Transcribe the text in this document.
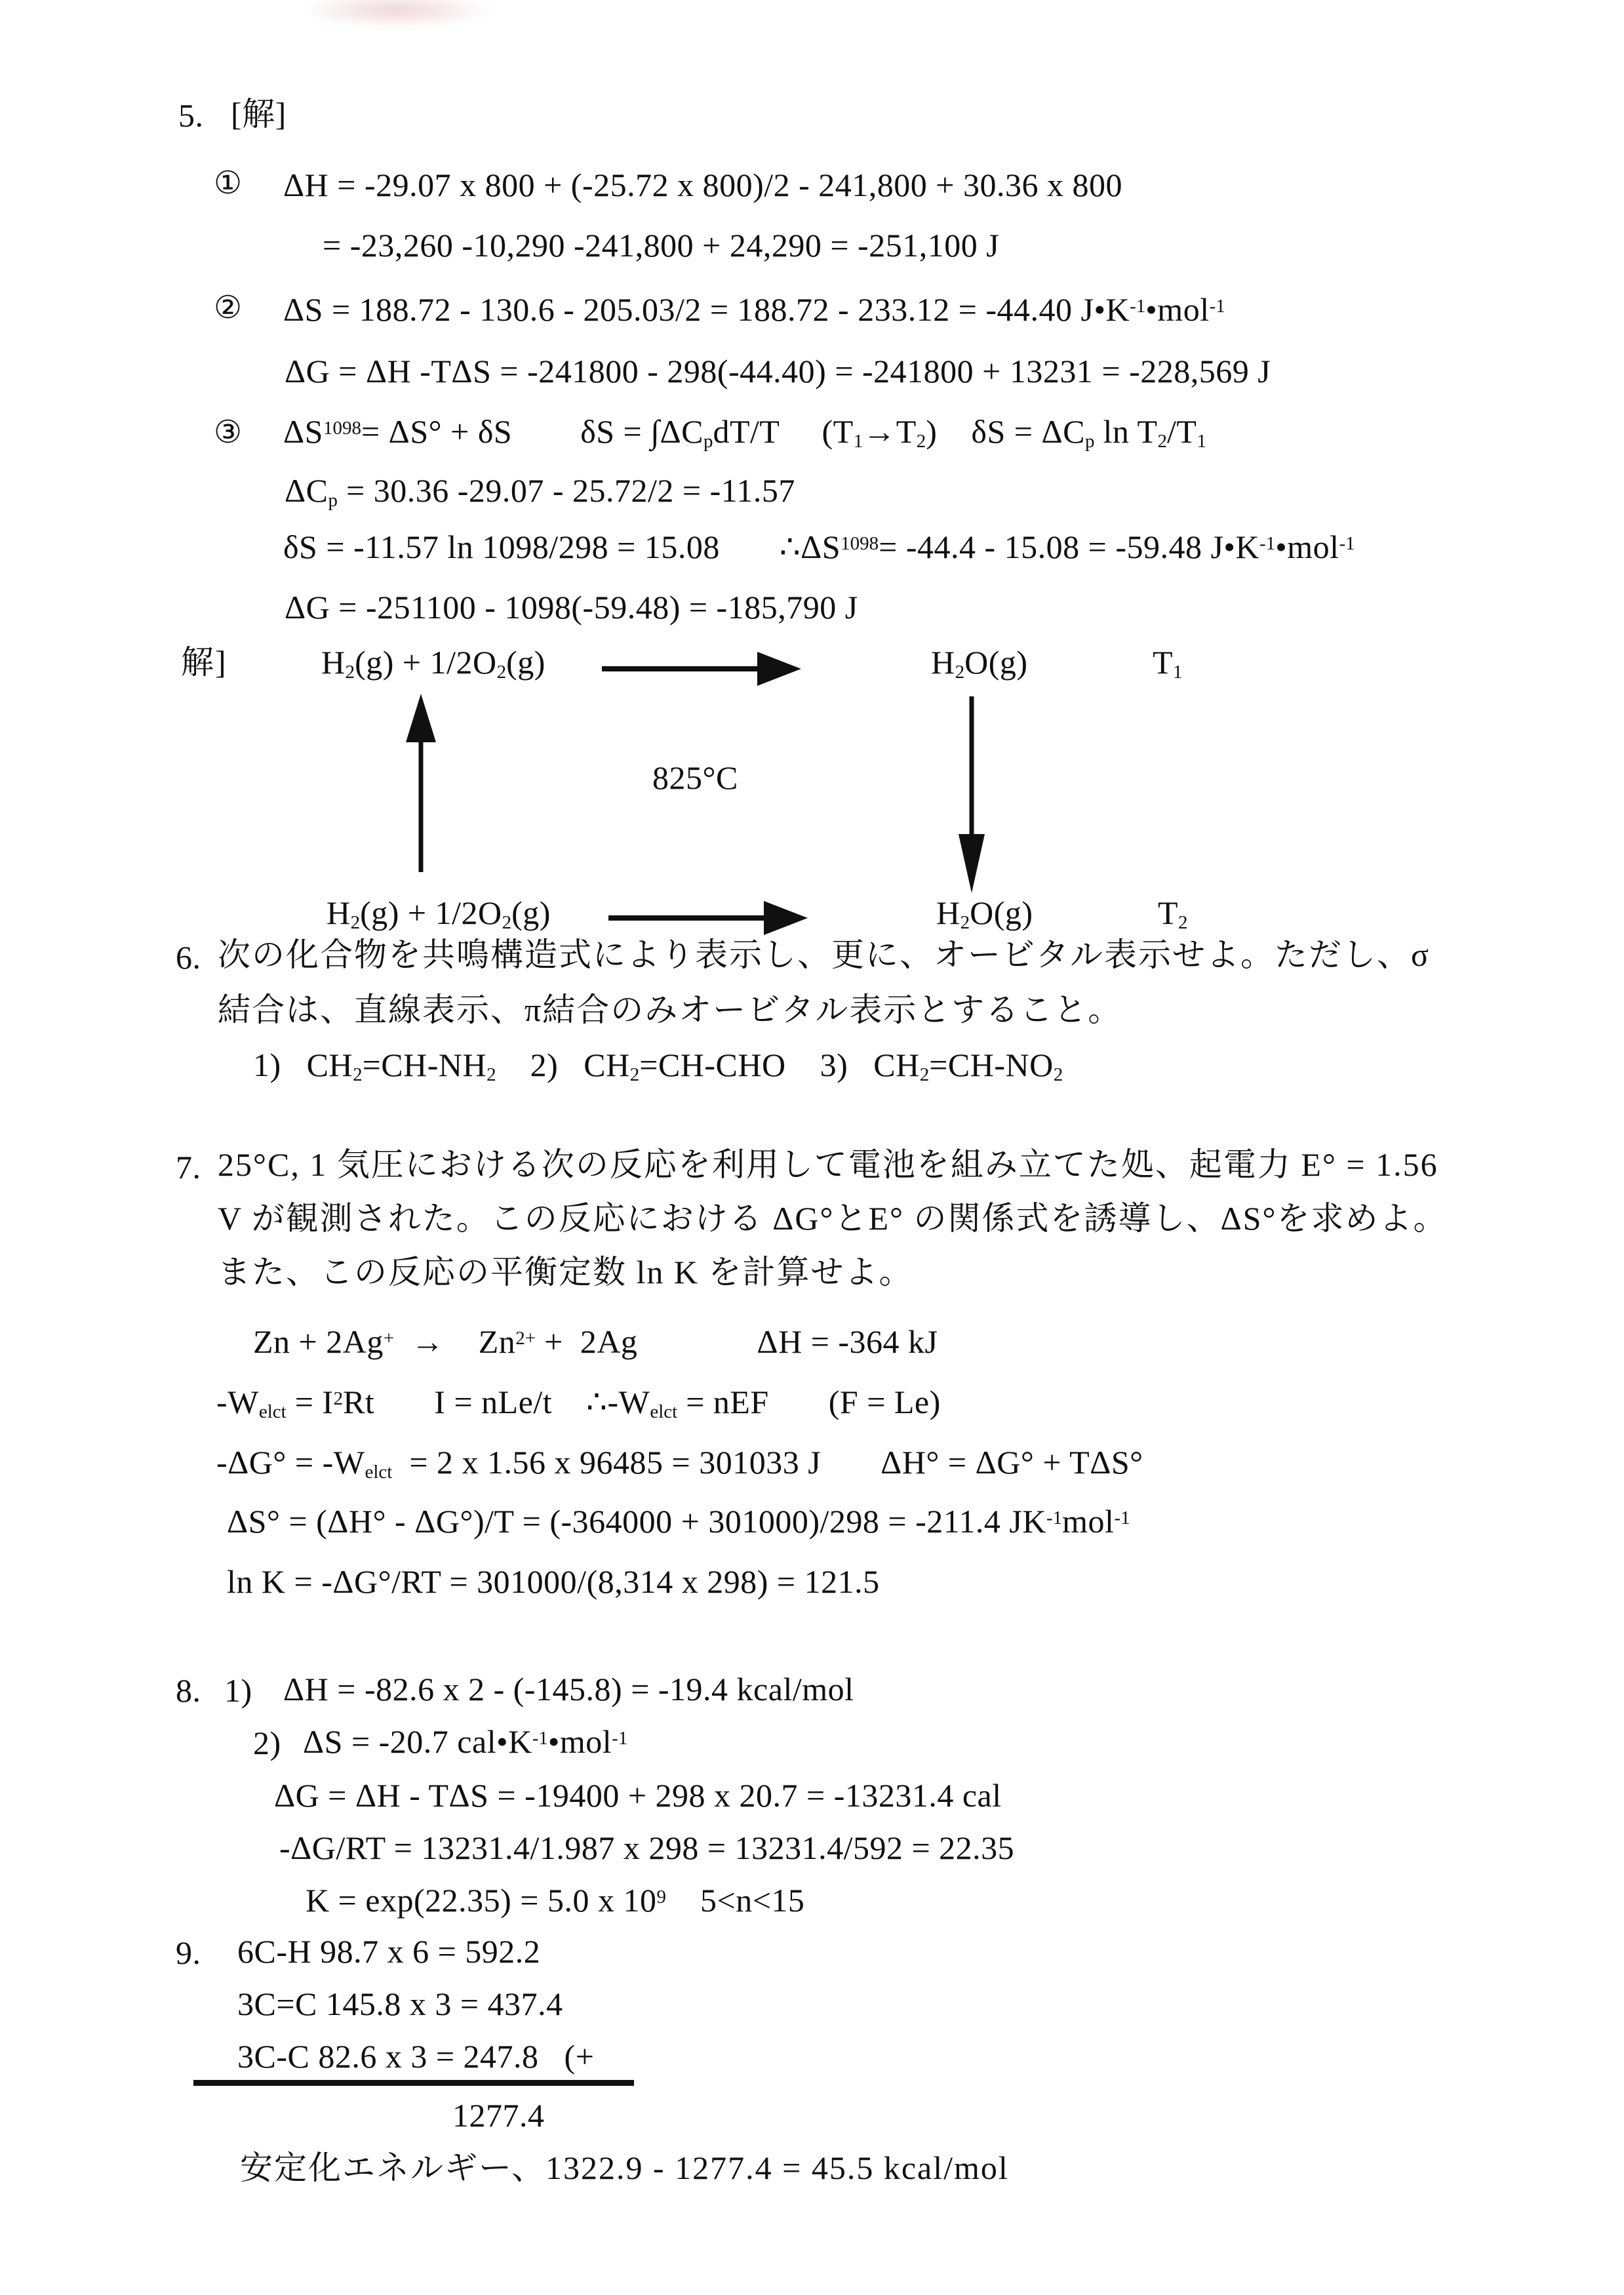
5. [解]
① ΔH = -29.07 x 800 + (-25.72 x 800)/2 - 241,800 + 30.36 x 800
= -23,260 -10,290 -241,800 + 24,290 = -251,100 J
② ΔS = 188.72 - 130.6 - 205.03/2 = 188.72 - 233.12 = -44.40 $J•K^{-1}•mol^{-1}$
ΔG = ΔH -TΔS = -241800 - 298(-44.40) = -241800 + 13231 = -228,569 J
③ $\Delta S^{1098}= \Delta S^\circ + \delta S$        $\delta S = \int\Delta C_pdT/T$     $(T_1\to T_2)$    $\delta S = \Delta C_p$ $\ln T_2/T_1$
$\Delta C_p = 30.36$ -29.07 - 25.72/2 = -11.57
δS = -11.57 ln 1098/298 = 15.08       $\therefore\Delta S^{1098}= -44.4 - 15.08 = -59.48$ $J•K^{-1}•mol^{-1}$
ΔG = -251100 - 1098(-59.48) = -185,790 J
解]	$H_2(g) + 1/2O_2(g)$	$H_2O(g)$	$T_1$
825°C
$H_2(g) + 1/2O_2(g)$	$H_2O(g)$	$T_2$
6. 次の化合物を共鳴構造式により表示し、更に、オービタル表示せよ。ただし、σ
結合は、直線表示、π結合のみオービタル表示とすること。
1)   $CH_2=CH-NH_2$    2)   $CH_2=CH$-CHO    3)   $CH_2=CH-NO_2$
7. 25°C, 1 気圧における次の反応を利用して電池を組み立てた処、起電力 E° = 1.56
V が観測された。この反応における ΔG°とE° の関係式を誘導し、ΔS°を求めよ。
また、この反応の平衡定数 ln K を計算せよ。
Zn + 2Ag+  →    $Zn^{2+} + 2Ag$              ΔH = -364 kJ
$-W_{elct} = I^2Rt$       I = nLe/t    $\therefore-W_{elct}$ = nEF       (F = Le)
$-\Delta G^\circ = -W_{elct} = 2$ x 1.56 x 96485 = 301033 J       ΔH° = ΔG° + TΔS°
ΔS° = (ΔH° - ΔG°)/T = (-364000 + 301000)/298 = -211.4 $JK^{-1}mol^{-1}$
ln K = -ΔG°/RT = 301000/(8,314 x 298) = 121.5
8. 1) ΔH = -82.6 x 2 - (-145.8) = -19.4 kcal/mol
2) ΔS = -20.7 $cal•K^{-1}•mol^{-1}$
ΔG = ΔH - TΔS = -19400 + 298 x 20.7 = -13231.4 cal
-ΔG/RT = 13231.4/1.987 x 298 = 13231.4/592 = 22.35
K = exp(22.35) = 5.0 x $10^9$    5<n<15
9. 6C-H 98.7 x 6 = 592.2
3C=C 145.8 x 3 = 437.4
3C-C 82.6 x 3 = 247.8   (+
1277.4
安定化エネルギー、1322.9 - 1277.4 = 45.5 kcal/mol
